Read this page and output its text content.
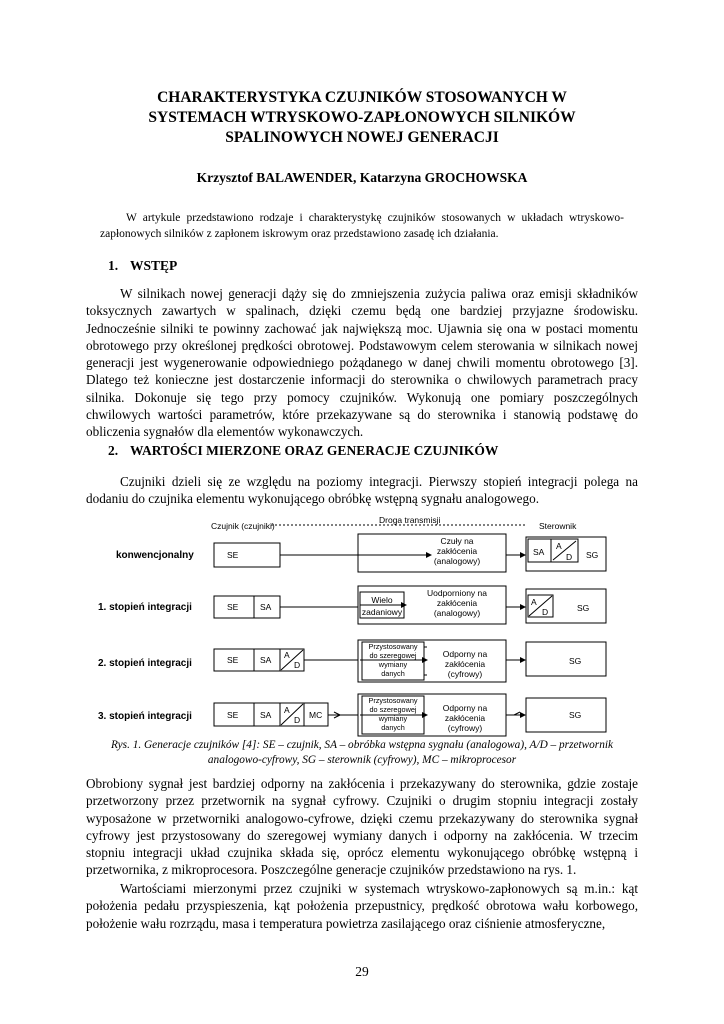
CHARAKTERYSTYKA CZUJNIKÓW STOSOWANYCH W
SYSTEMACH WTRYSKOWO-ZAPŁONOWYCH SILNIKÓW
SPALINOWYCH NOWEJ GENERACJI
Krzysztof BALAWENDER, Katarzyna GROCHOWSKA
W artykule przedstawiono rodzaje i charakterystykę czujników stosowanych w układach wtryskowo-zapłonowych silników z zapłonem iskrowym oraz przedstawiono zasadę ich działania.
1. WSTĘP
W silnikach nowej generacji dąży się do zmniejszenia zużycia paliwa oraz emisji składników toksycznych zawartych w spalinach, dzięki czemu będą one bardziej przyjazne środowisku. Jednocześnie silniki te powinny zachować jak największą moc. Ujawnia się ona w postaci momentu obrotowego przy określonej prędkości obrotowej. Podstawowym celem sterowania w silnikach nowej generacji jest wygenerowanie odpowiedniego pożądanego w danej chwili momentu obrotowego [3]. Dlatego też konieczne jest dostarczenie informacji do sterownika o chwilowych parametrach pracy silnika. Dokonuje się tego przy pomocy czujników. Wykonują one pomiary poszczególnych chwilowych wartości parametrów, które przekazywane są do sterownika i stanowią podstawę do obliczenia sygnałów dla elementów wykonawczych.
2. WARTOŚCI MIERZONE ORAZ GENERACJE CZUJNIKÓW
Czujniki dzieli się ze względu na poziomy integracji. Pierwszy stopień integracji polega na dodaniu do czujnika elementu wykonującego obróbkę wstępną sygnału analogowego.
Czujnik (czujniki)
Droga transmisji
Sterownik
konwencjonalny	SE
Czuły na
zakłócenia
(analogowy)
SA
A
D SG
1. stopień integracji	SE	SA
Wielo
zadaniowy
Uodporniony na
zakłócenia
(analogowy)
A
D	SG
2. stopień integracji	SE	SA A
D
Przystosowany
do szeregowej
wymiany
danych
Odporny na
zakłócenia
(cyfrowy)
SG
3. stopień integracji	SE	SA A
D MC
Przystosowany
do szeregowej
wymiany
danych
Odporny na
zakłócenia
(cyfrowy)
SG
Rys. 1. Generacje czujników [4]: SE – czujnik, SA – obróbka wstępna sygnału (analogowa), A/D – przetwornik
analogowo-cyfrowy, SG – sterownik (cyfrowy), MC – mikroprocesor
Obrobiony sygnał jest bardziej odporny na zakłócenia i przekazywany do sterownika, gdzie zostaje przetworzony przez przetwornik na sygnał cyfrowy. Czujniki o drugim stopniu integracji zostały wyposażone w przetworniki analogowo-cyfrowe, dzięki czemu przekazywany do sterownika sygnał cyfrowy jest przystosowany do szeregowej wymiany danych i odporny na zakłócenia. W trzecim stopniu integracji układ czujnika składa się, oprócz elementu wykonującego obróbkę wstępną i przetwornika, z mikroprocesora. Poszczególne generacje czujników przedstawiono na rys. 1.
Wartościami mierzonymi przez czujniki w systemach wtryskowo-zapłonowych są m.in.: kąt położenia pedału przyspieszenia, kąt położenia przepustnicy, prędkość obrotowa wału korbowego, położenie wału rozrządu, masa i temperatura powietrza zasilającego oraz ciśnienie atmosferyczne,
29
